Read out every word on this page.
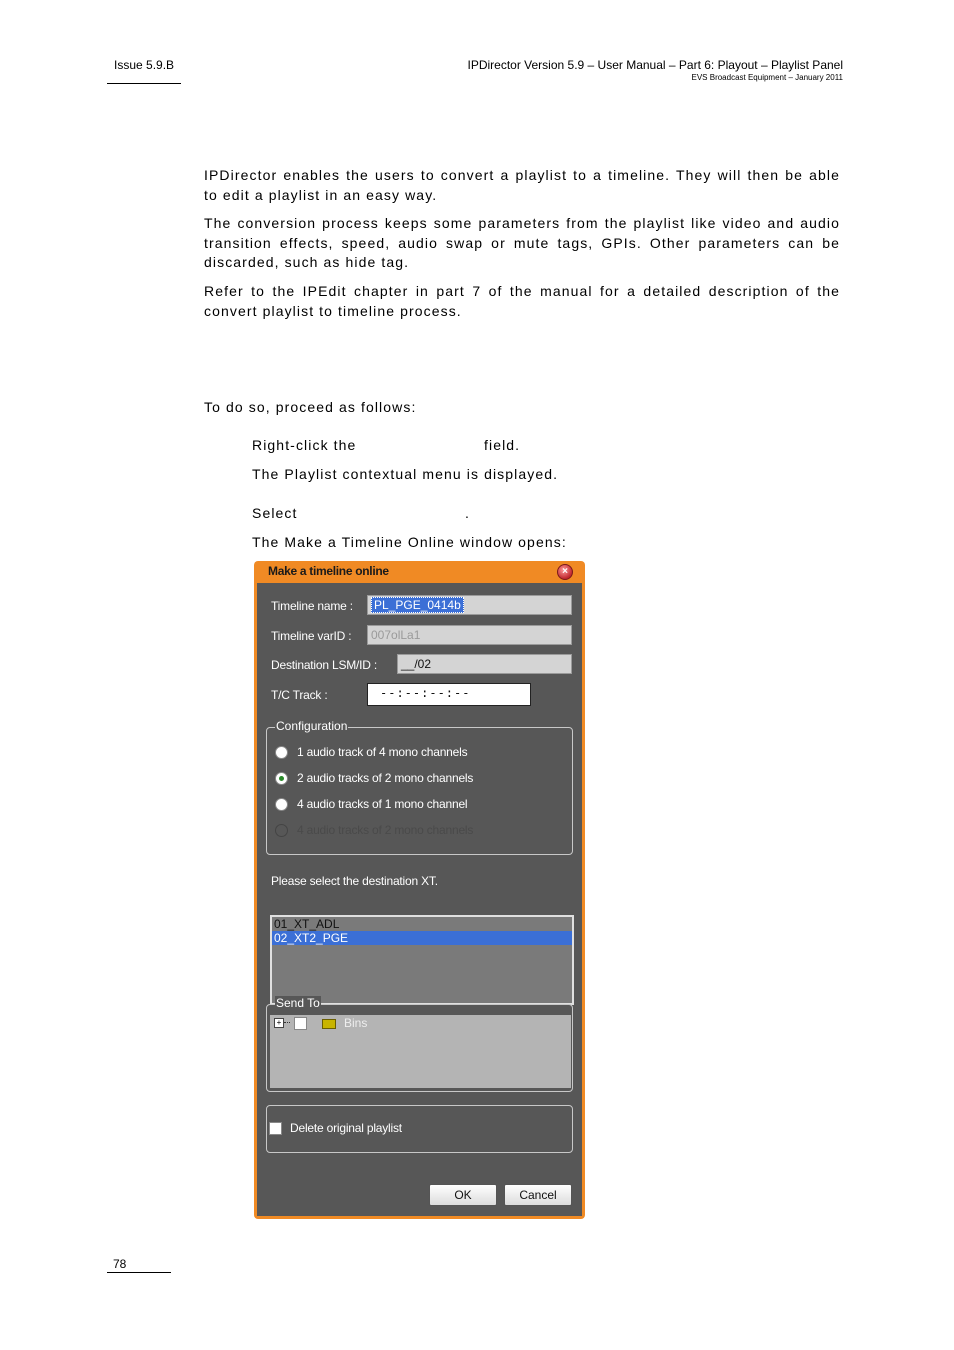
Issue 5.9.B	IPDirector Version 5.9 – User Manual – Part 6: Playout – Playlist Panel
EVS Broadcast Equipment – January 2011
IPDirector enables the users to convert a playlist to a timeline. They will then be able to edit a playlist in an easy way.
The conversion process keeps some parameters from the playlist like video and audio transition effects, speed, audio swap or mute tags, GPIs. Other parameters can be discarded, such as hide tag.
Refer to the IPEdit chapter in part 7 of the manual for a detailed description of the convert playlist to timeline process.
To do so, proceed as follows:
Right-click the	field.
The Playlist contextual menu is displayed.
Select	.
The Make a Timeline Online window opens:
Make a timeline online	×
Timeline name :	PL_PGE_0414b
Timeline varID :	007olLa1
Destination LSM/ID :	__/02
T/C Track :	--:--:--:--
Configuration
1 audio track of 4 mono channels
2 audio tracks of 2 mono channels
4 audio tracks of 1 mono channel
4 audio tracks of 2 mono channels
Please select the destination XT.
01_XT_ADL
02_XT2_PGE
Send To
+	Bins
Delete original playlist
OK	Cancel
78
